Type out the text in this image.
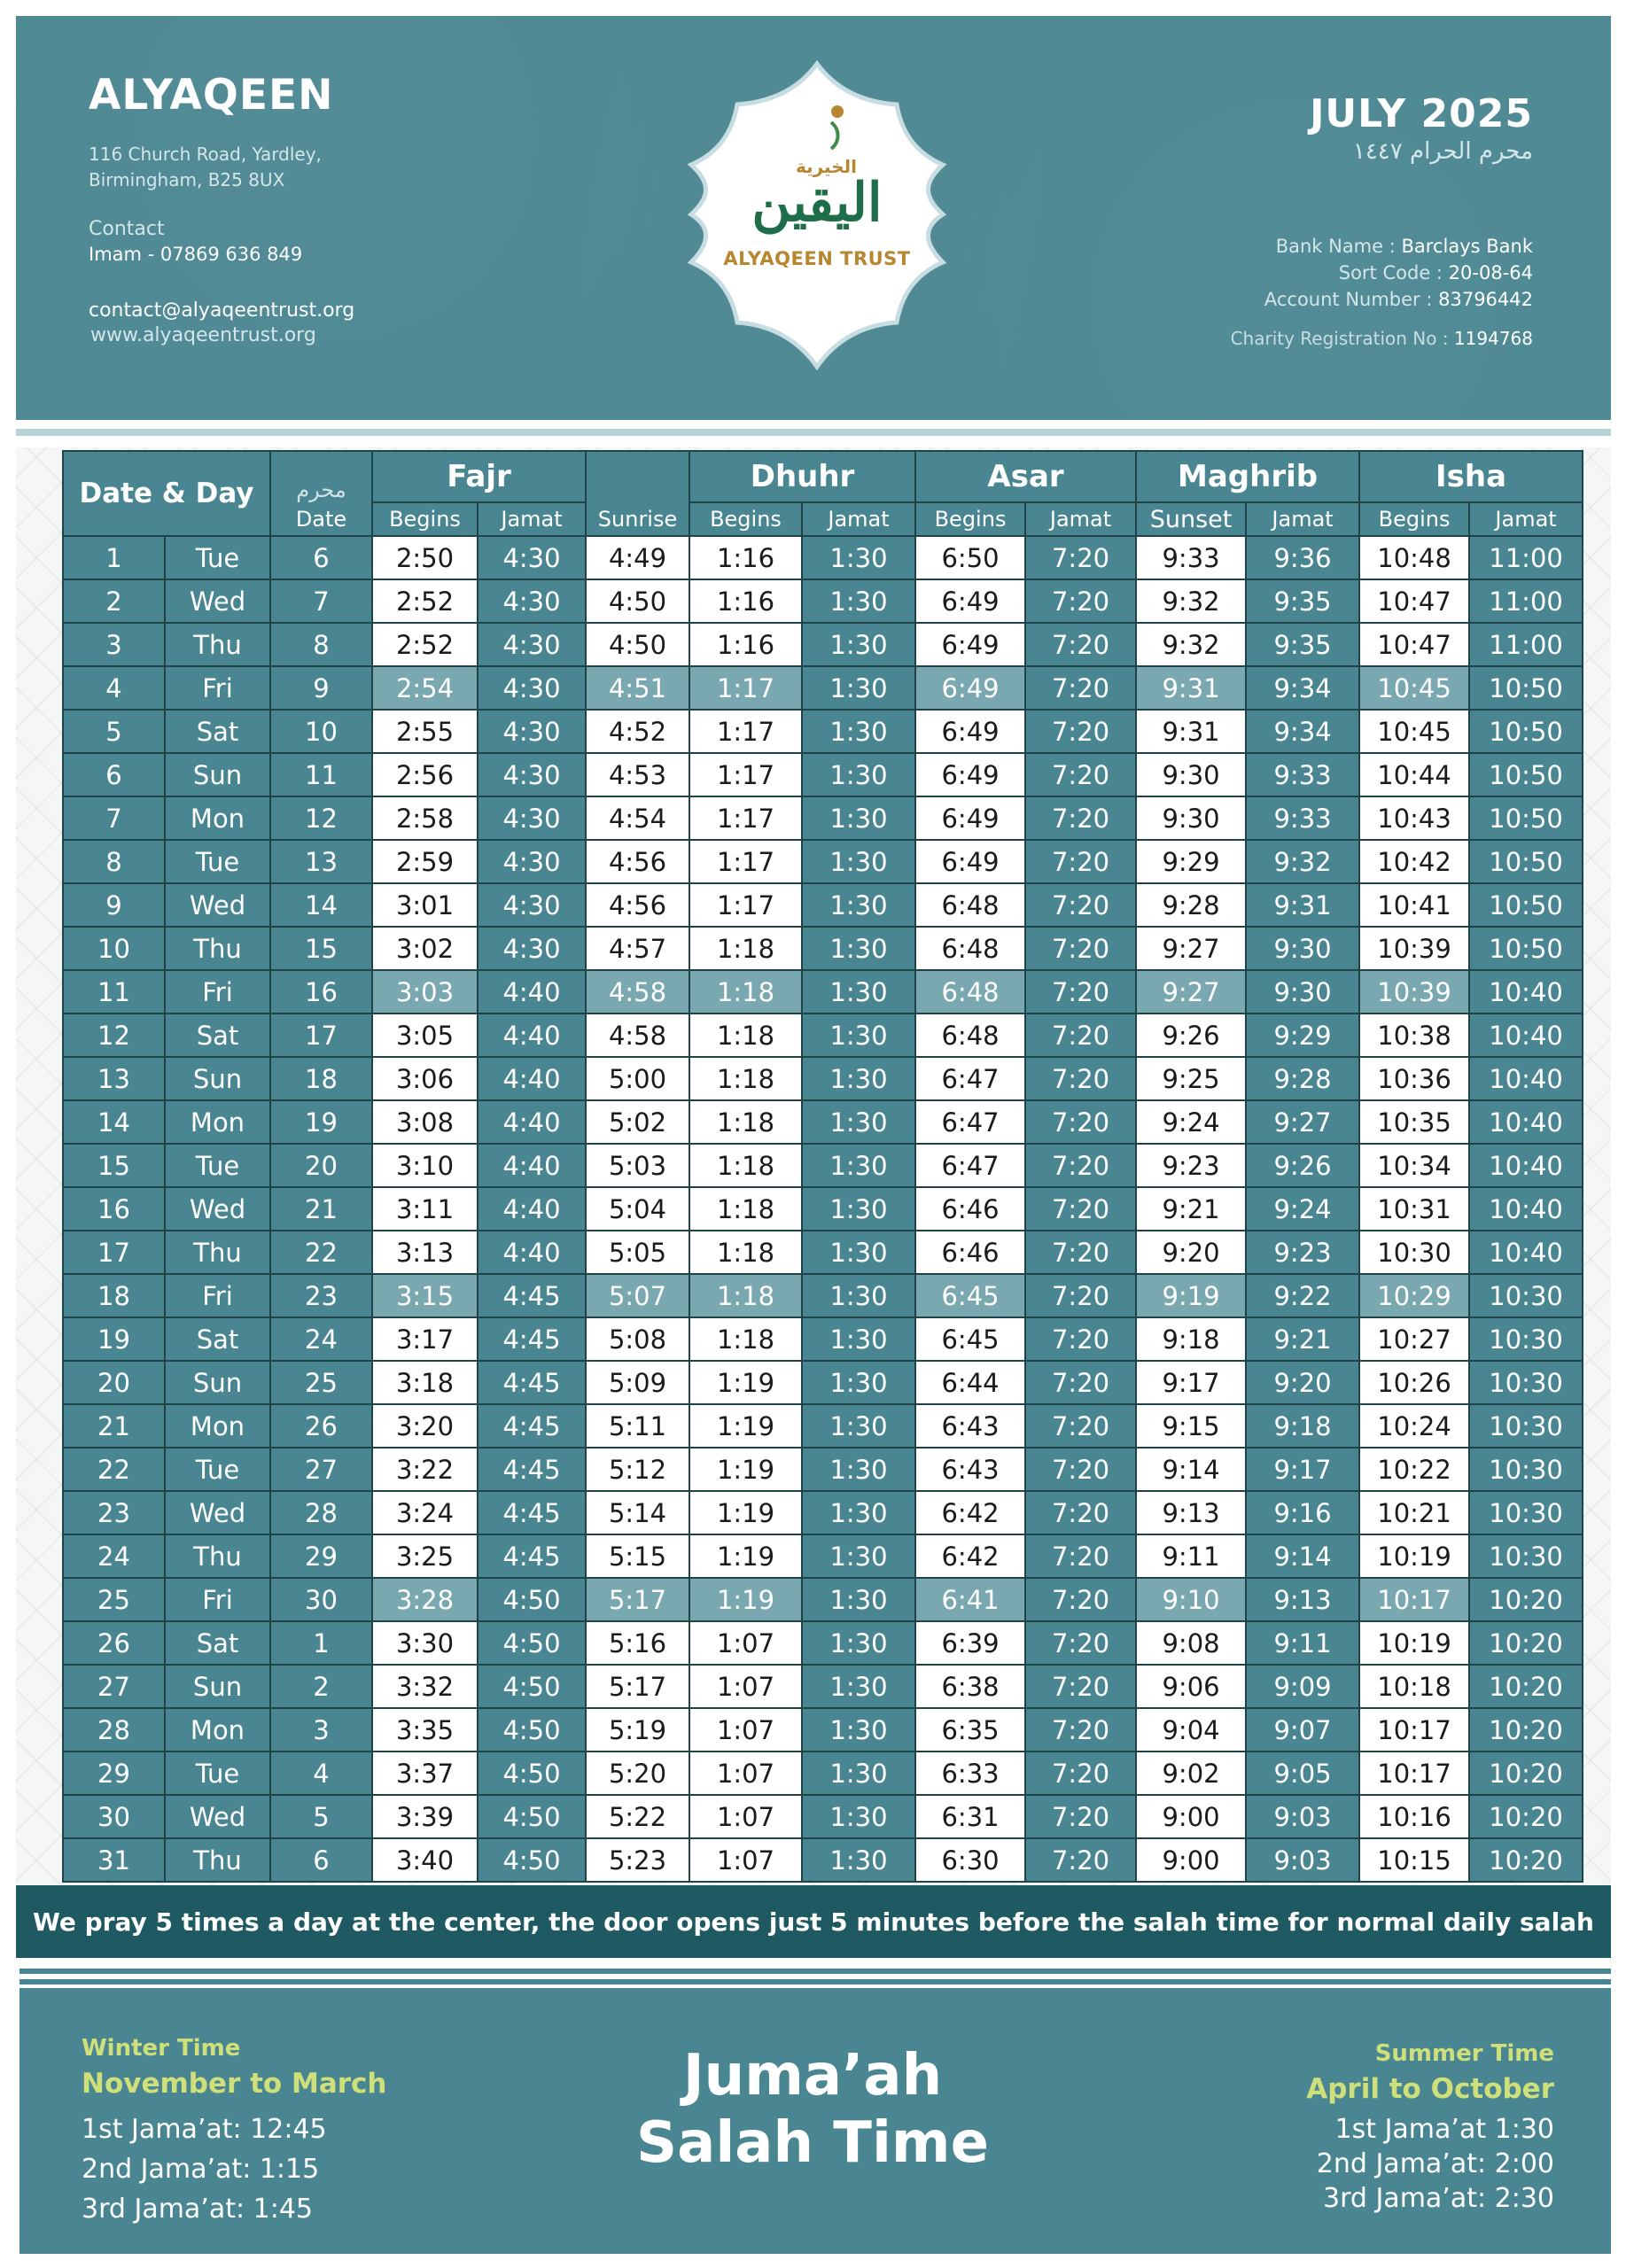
ALYAQEEN
116 Church Road, Yardley,
Birmingham, B25 8UX
Contact
Imam - 07869 636 849
contact@alyaqeentrust.org
www.alyaqeentrust.org
الخيرية
اليقين
ALYAQEEN TRUST
JULY 2025
محرم الحرام ١٤٤٧
Bank Name : Barclays Bank
Sort Code : 20-08-64
Account Number : 83796442
Charity Registration No : 1194768
Date & Day		محرم	Fajr			Dhuhr		Asar		Maghrib		Isha	
		Date	Begins	Jamat	Sunrise	Begins	Jamat	Begins	Jamat	Sunset	Jamat	Begins	Jamat
1	Tue	6	2:50	4:30	4:49	1:16	1:30	6:50	7:20	9:33	9:36	10:48	11:00
2	Wed	7	2:52	4:30	4:50	1:16	1:30	6:49	7:20	9:32	9:35	10:47	11:00
3	Thu	8	2:52	4:30	4:50	1:16	1:30	6:49	7:20	9:32	9:35	10:47	11:00
4	Fri	9	2:54	4:30	4:51	1:17	1:30	6:49	7:20	9:31	9:34	10:45	10:50
5	Sat	10	2:55	4:30	4:52	1:17	1:30	6:49	7:20	9:31	9:34	10:45	10:50
6	Sun	11	2:56	4:30	4:53	1:17	1:30	6:49	7:20	9:30	9:33	10:44	10:50
7	Mon	12	2:58	4:30	4:54	1:17	1:30	6:49	7:20	9:30	9:33	10:43	10:50
8	Tue	13	2:59	4:30	4:56	1:17	1:30	6:49	7:20	9:29	9:32	10:42	10:50
9	Wed	14	3:01	4:30	4:56	1:17	1:30	6:48	7:20	9:28	9:31	10:41	10:50
10	Thu	15	3:02	4:30	4:57	1:18	1:30	6:48	7:20	9:27	9:30	10:39	10:50
11	Fri	16	3:03	4:40	4:58	1:18	1:30	6:48	7:20	9:27	9:30	10:39	10:40
12	Sat	17	3:05	4:40	4:58	1:18	1:30	6:48	7:20	9:26	9:29	10:38	10:40
13	Sun	18	3:06	4:40	5:00	1:18	1:30	6:47	7:20	9:25	9:28	10:36	10:40
14	Mon	19	3:08	4:40	5:02	1:18	1:30	6:47	7:20	9:24	9:27	10:35	10:40
15	Tue	20	3:10	4:40	5:03	1:18	1:30	6:47	7:20	9:23	9:26	10:34	10:40
16	Wed	21	3:11	4:40	5:04	1:18	1:30	6:46	7:20	9:21	9:24	10:31	10:40
17	Thu	22	3:13	4:40	5:05	1:18	1:30	6:46	7:20	9:20	9:23	10:30	10:40
18	Fri	23	3:15	4:45	5:07	1:18	1:30	6:45	7:20	9:19	9:22	10:29	10:30
19	Sat	24	3:17	4:45	5:08	1:18	1:30	6:45	7:20	9:18	9:21	10:27	10:30
20	Sun	25	3:18	4:45	5:09	1:19	1:30	6:44	7:20	9:17	9:20	10:26	10:30
21	Mon	26	3:20	4:45	5:11	1:19	1:30	6:43	7:20	9:15	9:18	10:24	10:30
22	Tue	27	3:22	4:45	5:12	1:19	1:30	6:43	7:20	9:14	9:17	10:22	10:30
23	Wed	28	3:24	4:45	5:14	1:19	1:30	6:42	7:20	9:13	9:16	10:21	10:30
24	Thu	29	3:25	4:45	5:15	1:19	1:30	6:42	7:20	9:11	9:14	10:19	10:30
25	Fri	30	3:28	4:50	5:17	1:19	1:30	6:41	7:20	9:10	9:13	10:17	10:20
26	Sat	1	3:30	4:50	5:16	1:07	1:30	6:39	7:20	9:08	9:11	10:19	10:20
27	Sun	2	3:32	4:50	5:17	1:07	1:30	6:38	7:20	9:06	9:09	10:18	10:20
28	Mon	3	3:35	4:50	5:19	1:07	1:30	6:35	7:20	9:04	9:07	10:17	10:20
29	Tue	4	3:37	4:50	5:20	1:07	1:30	6:33	7:20	9:02	9:05	10:17	10:20
30	Wed	5	3:39	4:50	5:22	1:07	1:30	6:31	7:20	9:00	9:03	10:16	10:20
31	Thu	6	3:40	4:50	5:23	1:07	1:30	6:30	7:20	9:00	9:03	10:15	10:20
We pray 5 times a day at the center, the door opens just 5 minutes before the salah time for normal daily salah
Winter Time
November to March
1st Jama’at: 12:45
2nd Jama’at: 1:15
3rd Jama’at: 1:45
Juma’ah
Salah Time
Summer Time
April to October
1st Jama’at 1:30
2nd Jama’at: 2:00
3rd Jama’at: 2:30
